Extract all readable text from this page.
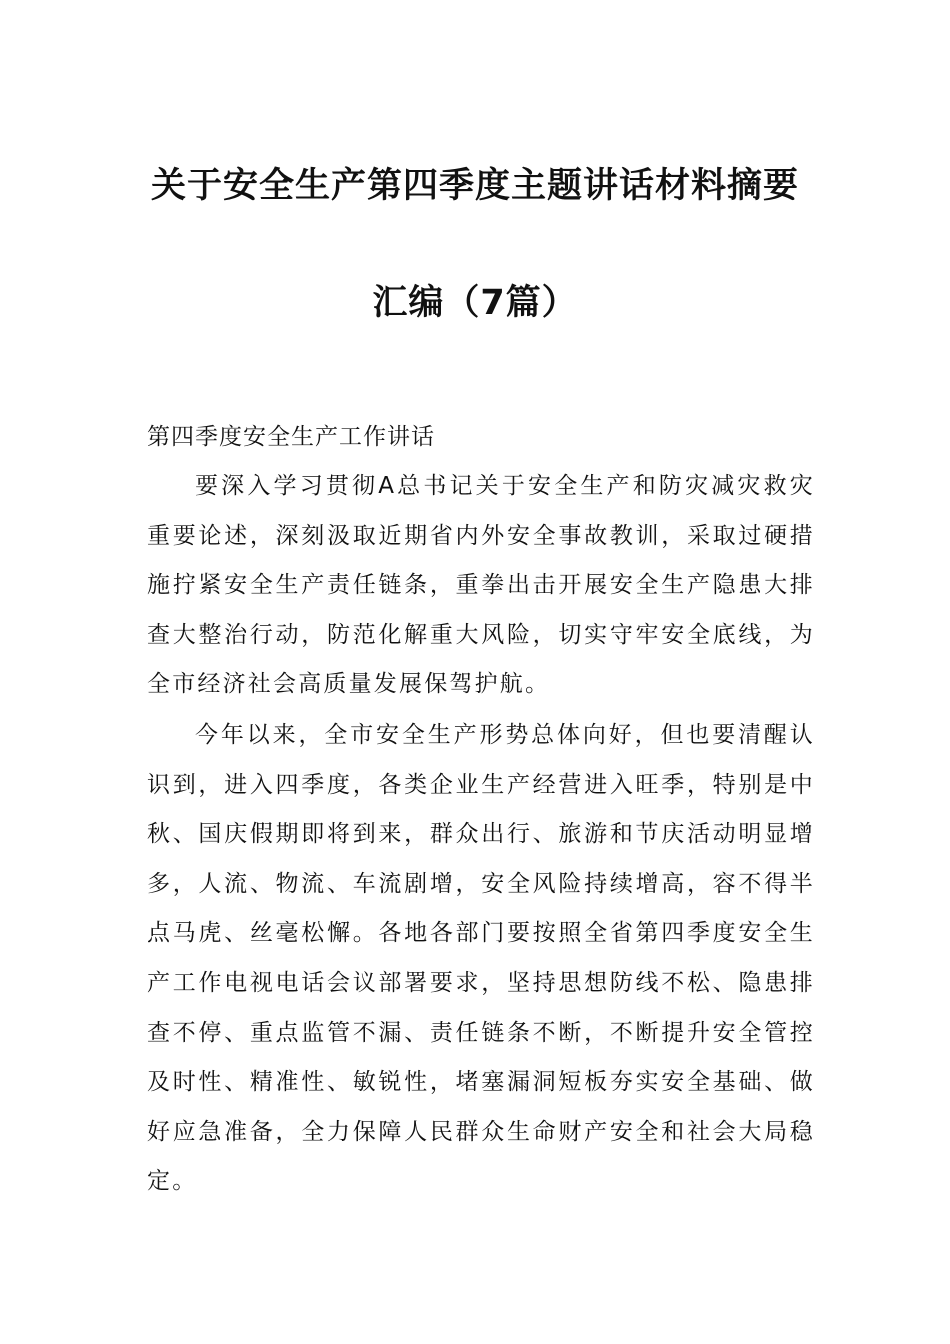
关于安全生产第四季度主题讲话材料摘要
汇编（7篇）

第四季度安全生产工作讲话

要深入学习贯彻A总书记关于安全生产和防灾减灾救灾重要论述，深刻汲取近期省内外安全事故教训，采取过硬措施拧紧安全生产责任链条，重拳出击开展安全生产隐患大排查大整治行动，防范化解重大风险，切实守牢安全底线，为全市经济社会高质量发展保驾护航。

今年以来，全市安全生产形势总体向好，但也要清醒认识到，进入四季度，各类企业生产经营进入旺季，特别是中秋、国庆假期即将到来，群众出行、旅游和节庆活动明显增多，人流、物流、车流剧增，安全风险持续增高，容不得半点马虎、丝毫松懈。各地各部门要按照全省第四季度安全生产工作电视电话会议部署要求，坚持思想防线不松、隐患排查不停、重点监管不漏、责任链条不断，不断提升安全管控及时性、精准性、敏锐性，堵塞漏洞短板夯实安全基础、做好应急准备，全力保障人民群众生命财产安全和社会大局稳定。
